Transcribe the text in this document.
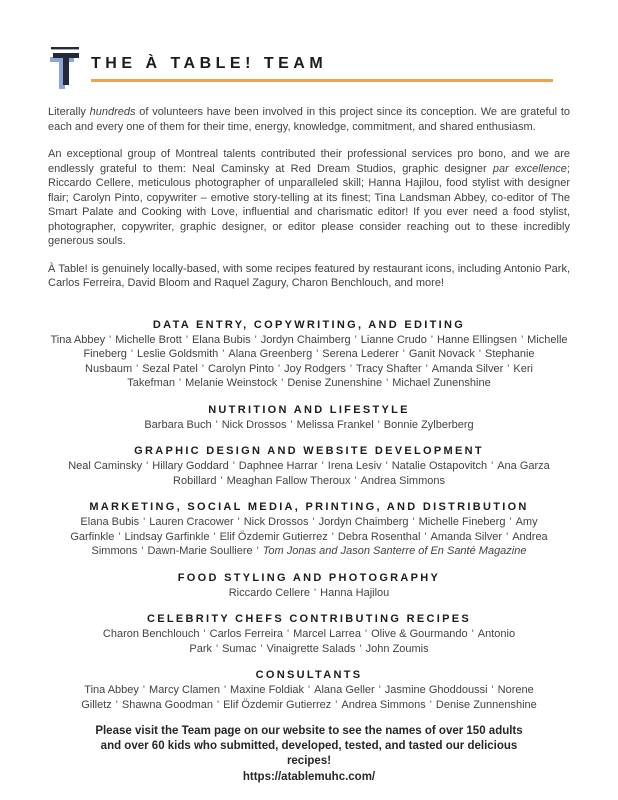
THE À TABLE! TEAM

Literally hundreds of volunteers have been involved in this project since its conception. We are grateful to each and every one of them for their time, energy, knowledge, commitment, and shared enthusiasm.

An exceptional group of Montreal talents contributed their professional services pro bono, and we are endlessly grateful to them: Neal Caminsky at Red Dream Studios, graphic designer par excellence; Riccardo Cellere, meticulous photographer of unparalleled skill; Hanna Hajilou, food stylist with designer flair; Carolyn Pinto, copywriter – emotive story-telling at its finest; Tina Landsman Abbey, co-editor of The Smart Palate and Cooking with Love, influential and charismatic editor! If you ever need a food stylist, photographer, copywriter, graphic designer, or editor please consider reaching out to these incredibly generous souls.

À Table! is genuinely locally-based, with some recipes featured by restaurant icons, including Antonio Park, Carlos Ferreira, David Bloom and Raquel Zagury, Charon Benchlouch, and more!

DATA ENTRY, COPYWRITING, AND EDITING

Tina Abbey ' Michelle Brott ' Elana Bubis ' Jordyn Chaimberg ' Lianne Crudo ' Hanne Ellingsen ' Michelle Fineberg ' Leslie Goldsmith ' Alana Greenberg ' Serena Lederer ' Ganit Novack ' Stephanie Nusbaum ' Sezal Patel ' Carolyn Pinto ' Joy Rodgers ' Tracy Shafter ' Amanda Silver ' Keri Takefman ' Melanie Weinstock ' Denise Zunenshine ' Michael Zunenshine

NUTRITION AND LIFESTYLE

Barbara Buch ' Nick Drossos ' Melissa Frankel ' Bonnie Zylberberg

GRAPHIC DESIGN AND WEBSITE DEVELOPMENT

Neal Caminsky ' Hillary Goddard ' Daphnee Harrar ' Irena Lesiv ' Natalie Ostapovitch ' Ana Garza Robillard ' Meaghan Fallow Theroux ' Andrea Simmons

MARKETING, SOCIAL MEDIA, PRINTING, AND DISTRIBUTION

Elana Bubis ' Lauren Cracower ' Nick Drossos ' Jordyn Chaimberg ' Michelle Fineberg ' Amy Garfinkle ' Lindsay Garfinkle ' Elif Özdemir Gutierrez ' Debra Rosenthal ' Amanda Silver ' Andrea Simmons ' Dawn-Marie Soulliere ' Tom Jonas and Jason Santerre of En Santé Magazine

FOOD STYLING AND PHOTOGRAPHY

Riccardo Cellere ' Hanna Hajilou

CELEBRITY CHEFS CONTRIBUTING RECIPES

Charon Benchlouch ' Carlos Ferreira ' Marcel Larrea ' Olive & Gourmando ' Antonio Park ' Sumac ' Vinaigrette Salads ' John Zoumis

CONSULTANTS

Tina Abbey ' Marcy Clamen ' Maxine Foldiak ' Alana Geller ' Jasmine Ghoddoussi ' Norene Gilletz ' Shawna Goodman ' Elif Özdemir Gutierrez ' Andrea Simmons ' Denise Zunnenshine

Please visit the Team page on our website to see the names of over 150 adults and over 60 kids who submitted, developed, tested, and tasted our delicious recipes!

https://atablemuhc.com/
